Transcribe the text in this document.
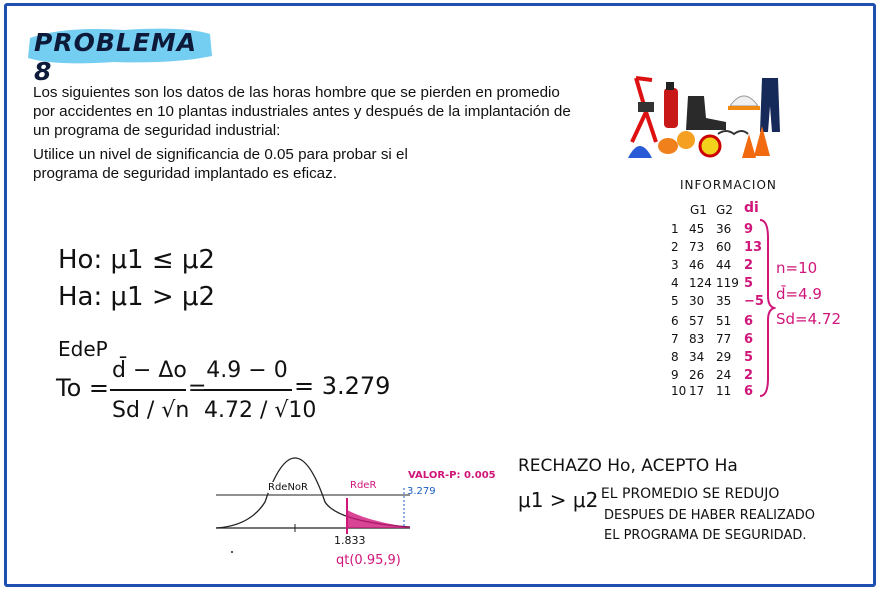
PROBLEMA 8
Los siguientes son los datos de las horas hombre que se pierden en promedio por accidentes en 10 plantas industriales antes y después de la implantación de un programa de seguridad industrial:
Utilice un nivel de significancia de 0.05 para probar si el programa de seguridad implantado es eficaz.
Ho: μ1 ≤ μ2
Ha: μ1 > μ2
EdeP
To =
d̄ − Δo
Sd / √n
=
4.9 − 0
4.72 / √10
= 3.279
INFORMACION
G1 G2 di
1 45 36 9
2 73 60 13
3 46 44 2
4 124 119 5
5 30 35 −5
6 57 51 6
7 83 77 6
8 34 29 5
9 26 24 2
10 17 11 6
n=10
d̄=4.9
Sd=4.72
RdeNoR	RdeR
VALOR-P: 0.005
3.279
1.833
qt(0.95,9)
RECHAZO Ho, ACEPTO Ha
μ1 > μ2
. EL PROMEDIO SE REDUJO
DESPUES DE HABER REALIZADO
EL PROGRAMA DE SEGURIDAD.
